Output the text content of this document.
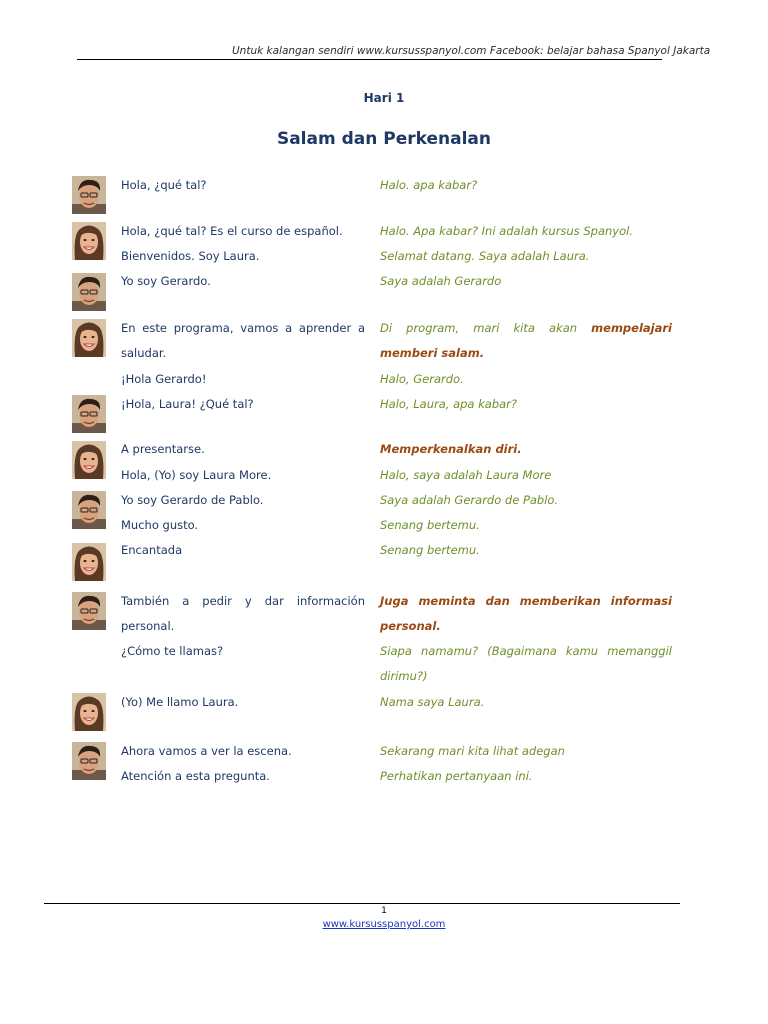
Untuk kalangan sendiri www.kursusspanyol.com Facebook: belajar bahasa Spanyol Jakarta
Hari 1
Salam dan Perkenalan
Hola, ¿qué tal?
Hola, ¿qué tal? Es el curso de español.
Bienvenidos. Soy Laura.
Yo soy Gerardo.
En este programa, vamos a aprender a saludar.
¡Hola Gerardo!
¡Hola, Laura! ¿Qué tal?
A presentarse.
Hola, (Yo) soy Laura More.
Yo soy Gerardo de Pablo.
Mucho gusto.
Encantada
También a pedir y dar información personal.
¿Cómo te llamas?
(Yo) Me llamo Laura.
Ahora vamos a ver la escena.
Atención a esta pregunta.
Halo. apa kabar?
Halo. Apa kabar? Ini adalah kursus Spanyol.
Selamat datang. Saya adalah Laura.
Saya adalah Gerardo
Di program, mari kita akan mempelajari memberi salam.
Halo, Gerardo.
Halo, Laura, apa kabar?
Memperkenalkan diri.
Halo, saya adalah Laura More
Saya adalah Gerardo de Pablo.
Senang bertemu.
Senang bertemu.
Juga meminta dan memberikan informasi personal.
Siapa namamu? (Bagaimana kamu memanggil dirimu?)
Nama saya Laura.
Sekarang mari kita lihat adegan
Perhatikan pertanyaan ini.
1
www.kursusspanyol.com
